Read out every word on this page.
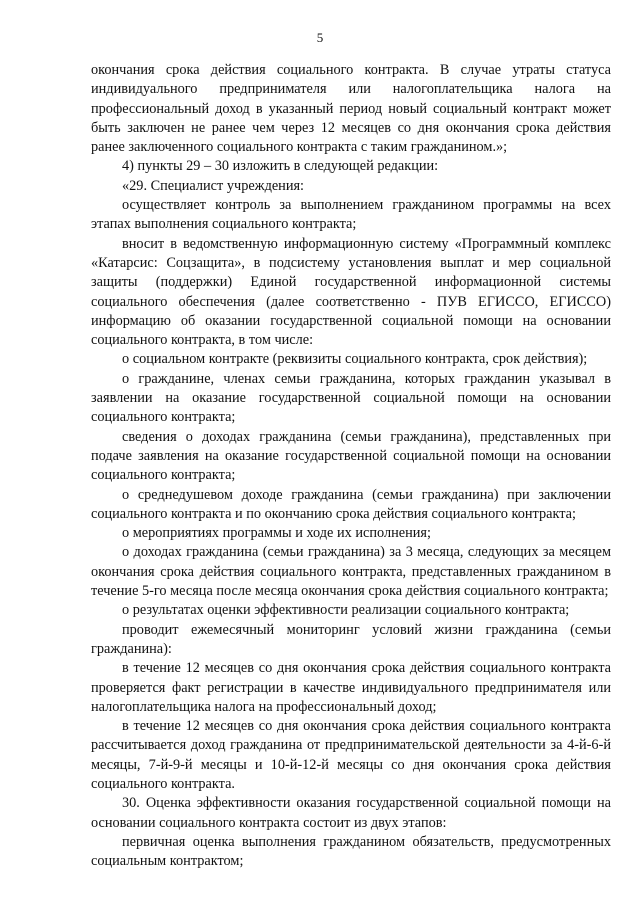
5

окончания срока действия социального контракта. В случае утраты статуса индивидуального предпринимателя или налогоплательщика налога на профессиональный доход в указанный период новый социальный контракт может быть заключен не ранее чем через 12 месяцев со дня окончания срока действия ранее заключенного социального контракта с таким гражданином.»;

4) пункты 29 – 30 изложить в следующей редакции:

«29. Специалист учреждения:

осуществляет контроль за выполнением гражданином программы на всех этапах выполнения социального контракта;

вносит в ведомственную информационную систему «Программный комплекс «Катарсис: Соцзащита», в подсистему установления выплат и мер социальной защиты (поддержки) Единой государственной информационной системы социального обеспечения (далее соответственно - ПУВ ЕГИССО, ЕГИССО) информацию об оказании государственной социальной помощи на основании социального контракта, в том числе:

о социальном контракте (реквизиты социального контракта, срок действия);

о гражданине, членах семьи гражданина, которых гражданин указывал в заявлении на оказание государственной социальной помощи на основании социального контракта;

сведения о доходах гражданина (семьи гражданина), представленных при подаче заявления на оказание государственной социальной помощи на основании социального контракта;

о среднедушевом доходе гражданина (семьи гражданина) при заключении социального контракта и по окончанию срока действия социального контракта;

о мероприятиях программы и ходе их исполнения;

о доходах гражданина (семьи гражданина) за 3 месяца, следующих за месяцем окончания срока действия социального контракта, представленных гражданином в течение 5-го месяца после месяца окончания срока действия социального контракта;

о результатах оценки эффективности реализации социального контракта;

проводит ежемесячный мониторинг условий жизни гражданина (семьи гражданина):

в течение 12 месяцев со дня окончания срока действия социального контракта проверяется факт регистрации в качестве индивидуального предпринимателя или налогоплательщика налога на профессиональный доход;

в течение 12 месяцев со дня окончания срока действия социального контракта рассчитывается доход гражданина от предпринимательской деятельности за 4-й-6-й месяцы, 7-й-9-й месяцы и 10-й-12-й месяцы со дня окончания срока действия социального контракта.

30. Оценка эффективности оказания государственной социальной помощи на основании социального контракта состоит из двух этапов:

первичная оценка выполнения гражданином обязательств, предусмотренных социальным контрактом;
